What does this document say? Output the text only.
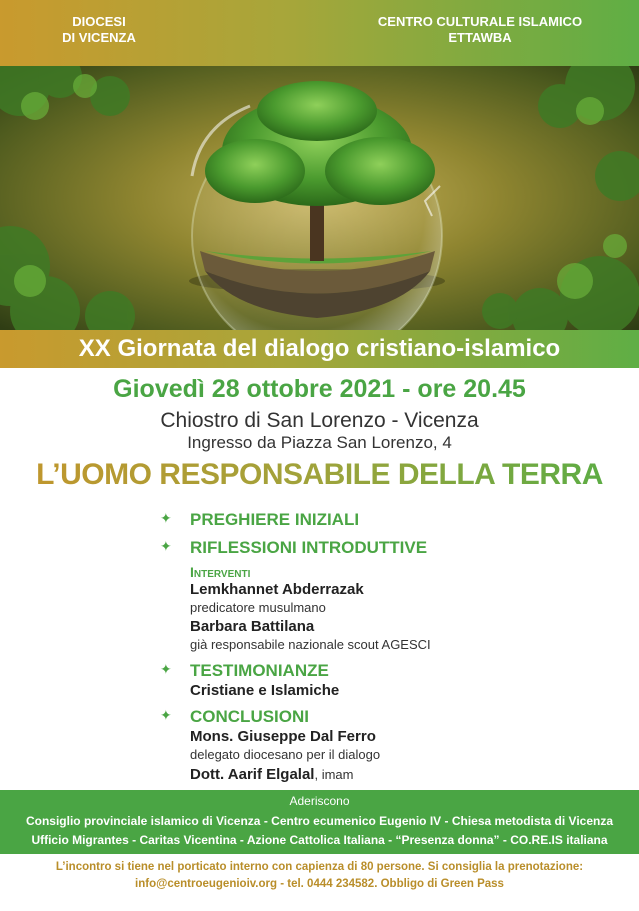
DIOCESI
DI VICENZA
CENTRO CULTURALE ISLAMICO
ETTAWBA
XX Giornata del dialogo cristiano-islamico
Giovedì 28 ottobre 2021 - ore 20.45
Chiostro di San Lorenzo - Vicenza
Ingresso da Piazza San Lorenzo, 4
L’UOMO RESPONSABILE DELLA TERRA
✦ PREGHIERE INIZIALI
✦ RIFLESSIONI INTRODUTTIVE
Interventi
Lemkhannet Abderrazak
predicatore musulmano
Barbara Battilana
già responsabile nazionale scout AGESCI
✦ TESTIMONIANZE
Cristiane e Islamiche
✦ CONCLUSIONI
Mons. Giuseppe Dal Ferro
delegato diocesano per il dialogo
Dott. Aarif Elgalal, imam
Aderiscono
Consiglio provinciale islamico di Vicenza - Centro ecumenico Eugenio IV - Chiesa metodista di Vicenza
Ufficio Migrantes - Caritas Vicentina - Azione Cattolica Italiana - “Presenza donna” - CO.RE.IS italiana
L’incontro si tiene nel porticato interno con capienza di 80 persone. Si consiglia la prenotazione:
info@centroeugenioiv.org - tel. 0444 234582. Obbligo di Green Pass
